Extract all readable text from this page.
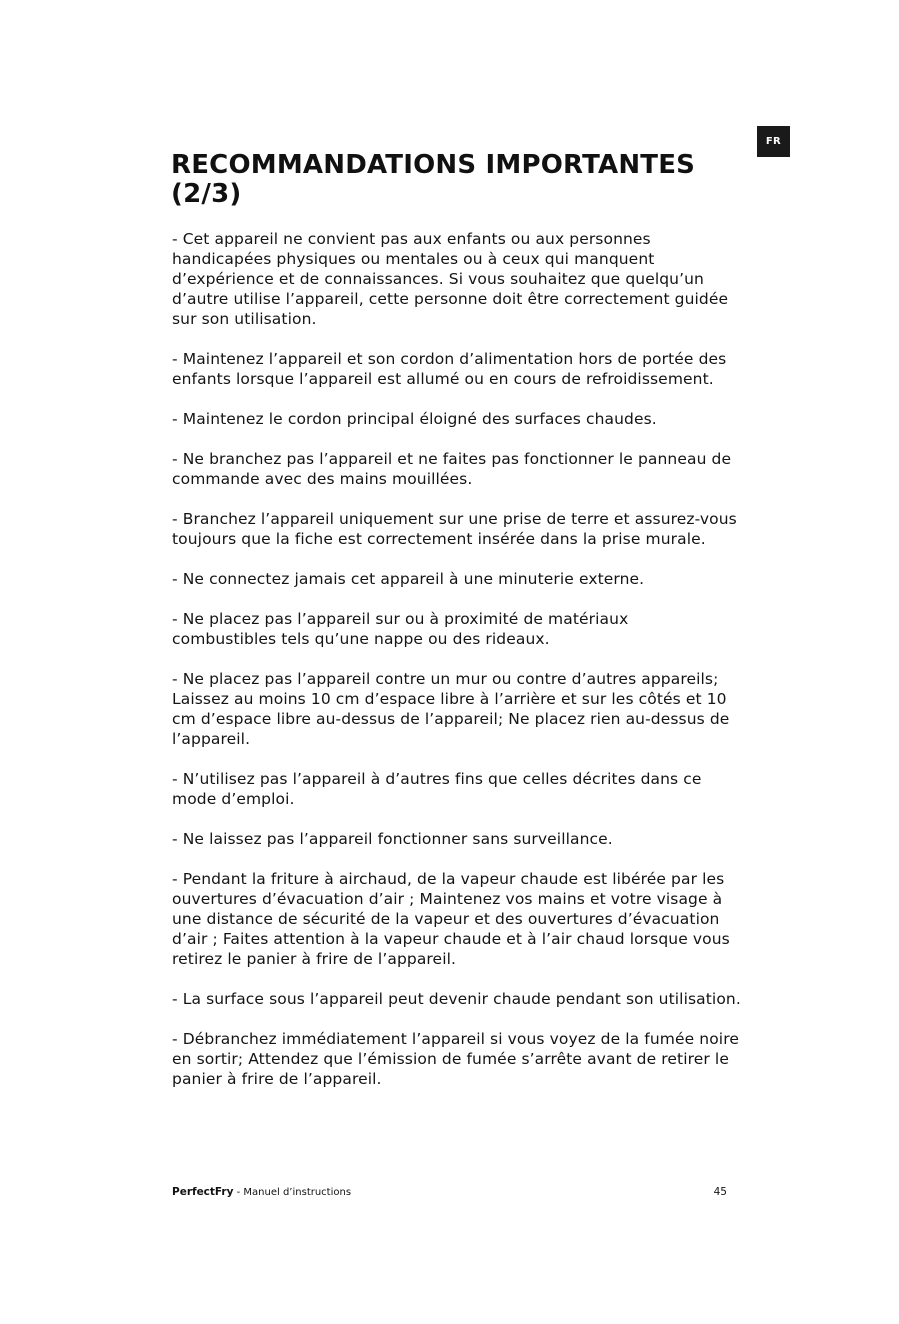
FR
RECOMMANDATIONS IMPORTANTES (2/3)

- Cet appareil ne convient pas aux enfants ou aux personnes
handicapées physiques ou mentales ou à ceux qui manquent
d’expérience et de connaissances. Si vous souhaitez que quelqu’un
d’autre utilise l’appareil, cette personne doit être correctement guidée
sur son utilisation.

- Maintenez l’appareil et son cordon d’alimentation hors de portée des
enfants lorsque l’appareil est allumé ou en cours de refroidissement.

- Maintenez le cordon principal éloigné des surfaces chaudes.

- Ne branchez pas l’appareil et ne faites pas fonctionner le panneau de
commande avec des mains mouillées.

- Branchez l’appareil uniquement sur une prise de terre et assurez-vous
toujours que la fiche est correctement insérée dans la prise murale.

- Ne connectez jamais cet appareil à une minuterie externe.

- Ne placez pas l’appareil sur ou à proximité de matériaux
combustibles tels qu’une nappe ou des rideaux.

- Ne placez pas l’appareil contre un mur ou contre d’autres appareils;
Laissez au moins 10 cm d’espace libre à l’arrière et sur les côtés et 10
cm d’espace libre au-dessus de l’appareil; Ne placez rien au-dessus de
l’appareil.

- N’utilisez pas l’appareil à d’autres fins que celles décrites dans ce
mode d’emploi.

- Ne laissez pas l’appareil fonctionner sans surveillance.

- Pendant la friture à airchaud, de la vapeur chaude est libérée par les
ouvertures d’évacuation d’air ; Maintenez vos mains et votre visage à
une distance de sécurité de la vapeur et des ouvertures d’évacuation
d’air ; Faites attention à la vapeur chaude et à l’air chaud lorsque vous
retirez le panier à frire de l’appareil.

- La surface sous l’appareil peut devenir chaude pendant son utilisation.

- Débranchez immédiatement l’appareil si vous voyez de la fumée noire
en sortir; Attendez que l’émission de fumée s’arrête avant de retirer le
panier à frire de l’appareil.

PerfectFry - Manuel d’instructions	45
